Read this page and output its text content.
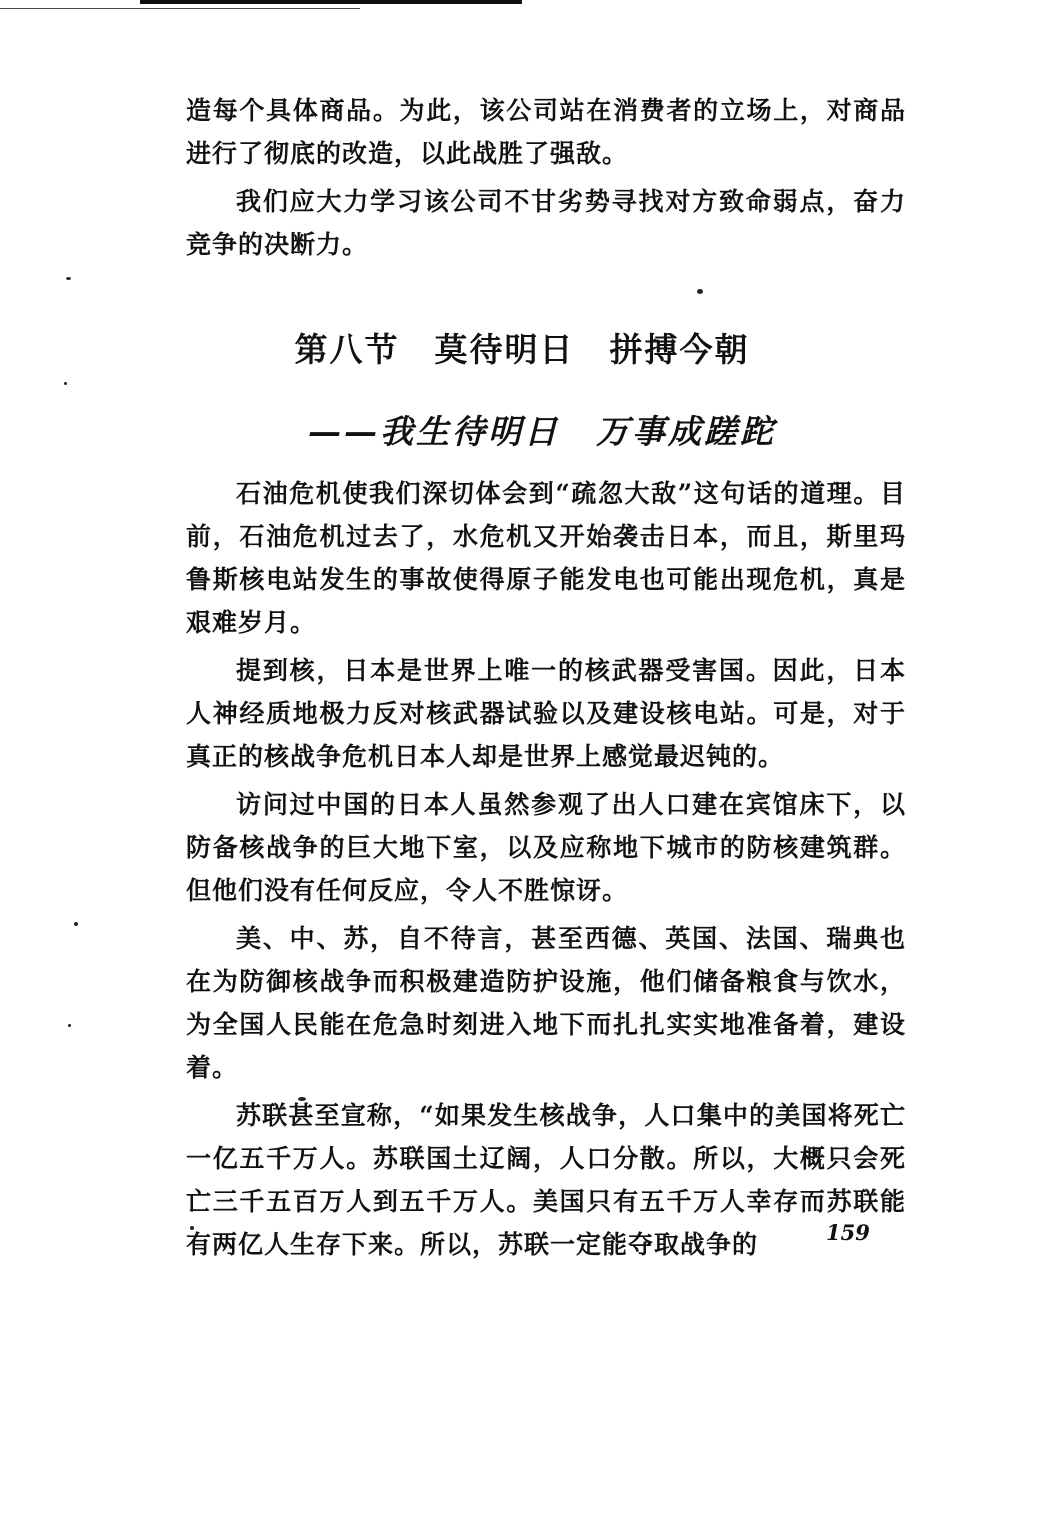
造每个具体商品。为此，该公司站在消费者的立场上，对商品进行了彻底的改造，以此战胜了强敌。

我们应大力学习该公司不甘劣势寻找对方致命弱点，奋力竞争的决断力。

第八节　莫待明日　拼搏今朝
——我生待明日　万事成蹉跎

石油危机使我们深切体会到“疏忽大敌”这句话的道理。目前，石油危机过去了，水危机又开始袭击日本，而且，斯里玛鲁斯核电站发生的事故使得原子能发电也可能出现危机，真是艰难岁月。

提到核，日本是世界上唯一的核武器受害国。因此，日本人神经质地极力反对核武器试验以及建设核电站。可是，对于真正的核战争危机日本人却是世界上感觉最迟钝的。

访问过中国的日本人虽然参观了出人口建在宾馆床下，以防备核战争的巨大地下室，以及应称地下城市的防核建筑群。但他们没有任何反应，令人不胜惊讶。

美、中、苏，自不待言，甚至西德、英国、法国、瑞典也在为防御核战争而积极建造防护设施，他们储备粮食与饮水，为全国人民能在危急时刻进入地下而扎扎实实地准备着，建设着。

苏联甚至宣称，“如果发生核战争，人口集中的美国将死亡一亿五千万人。苏联国土辽阔，人口分散。所以，大概只会死亡三千五百万人到五千万人。美国只有五千万人幸存而苏联能有两亿人生存下来。所以，苏联一定能夺取战争的	159
